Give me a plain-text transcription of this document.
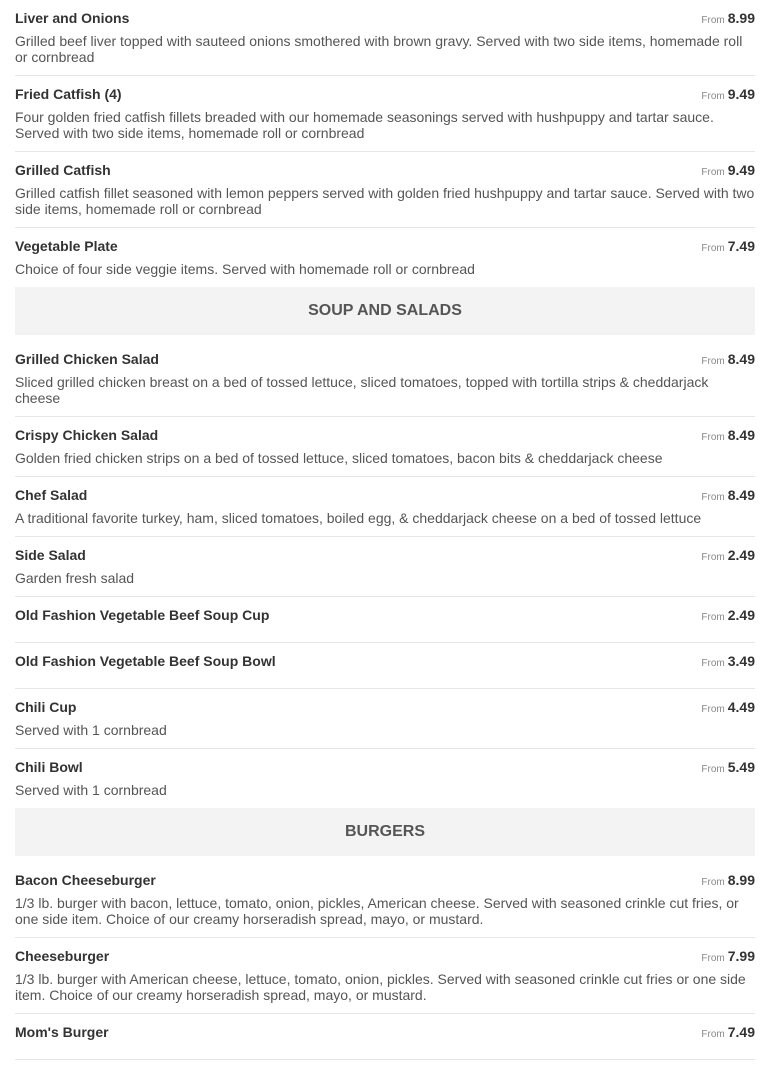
Liver and Onions	From 8.99
Grilled beef liver topped with sauteed onions smothered with brown gravy. Served with two side items, homemade roll or cornbread
Fried Catfish (4)	From 9.49
Four golden fried catfish fillets breaded with our homemade seasonings served with hushpuppy and tartar sauce. Served with two side items, homemade roll or cornbread
Grilled Catfish	From 9.49
Grilled catfish fillet seasoned with lemon peppers served with golden fried hushpuppy and tartar sauce. Served with two side items, homemade roll or cornbread
Vegetable Plate	From 7.49
Choice of four side veggie items. Served with homemade roll or cornbread
SOUP AND SALADS
Grilled Chicken Salad	From 8.49
Sliced grilled chicken breast on a bed of tossed lettuce, sliced tomatoes, topped with tortilla strips & cheddarjack cheese
Crispy Chicken Salad	From 8.49
Golden fried chicken strips on a bed of tossed lettuce, sliced tomatoes, bacon bits & cheddarjack cheese
Chef Salad	From 8.49
A traditional favorite turkey, ham, sliced tomatoes, boiled egg, & cheddarjack cheese on a bed of tossed lettuce
Side Salad	From 2.49
Garden fresh salad
Old Fashion Vegetable Beef Soup Cup	From 2.49
Old Fashion Vegetable Beef Soup Bowl	From 3.49
Chili Cup	From 4.49
Served with 1 cornbread
Chili Bowl	From 5.49
Served with 1 cornbread
BURGERS
Bacon Cheeseburger	From 8.99
1/3 lb. burger with bacon, lettuce, tomato, onion, pickles, American cheese. Served with seasoned crinkle cut fries, or one side item. Choice of our creamy horseradish spread, mayo, or mustard.
Cheeseburger	From 7.99
1/3 lb. burger with American cheese, lettuce, tomato, onion, pickles. Served with seasoned crinkle cut fries or one side item. Choice of our creamy horseradish spread, mayo, or mustard.
Mom's Burger	From 7.49
